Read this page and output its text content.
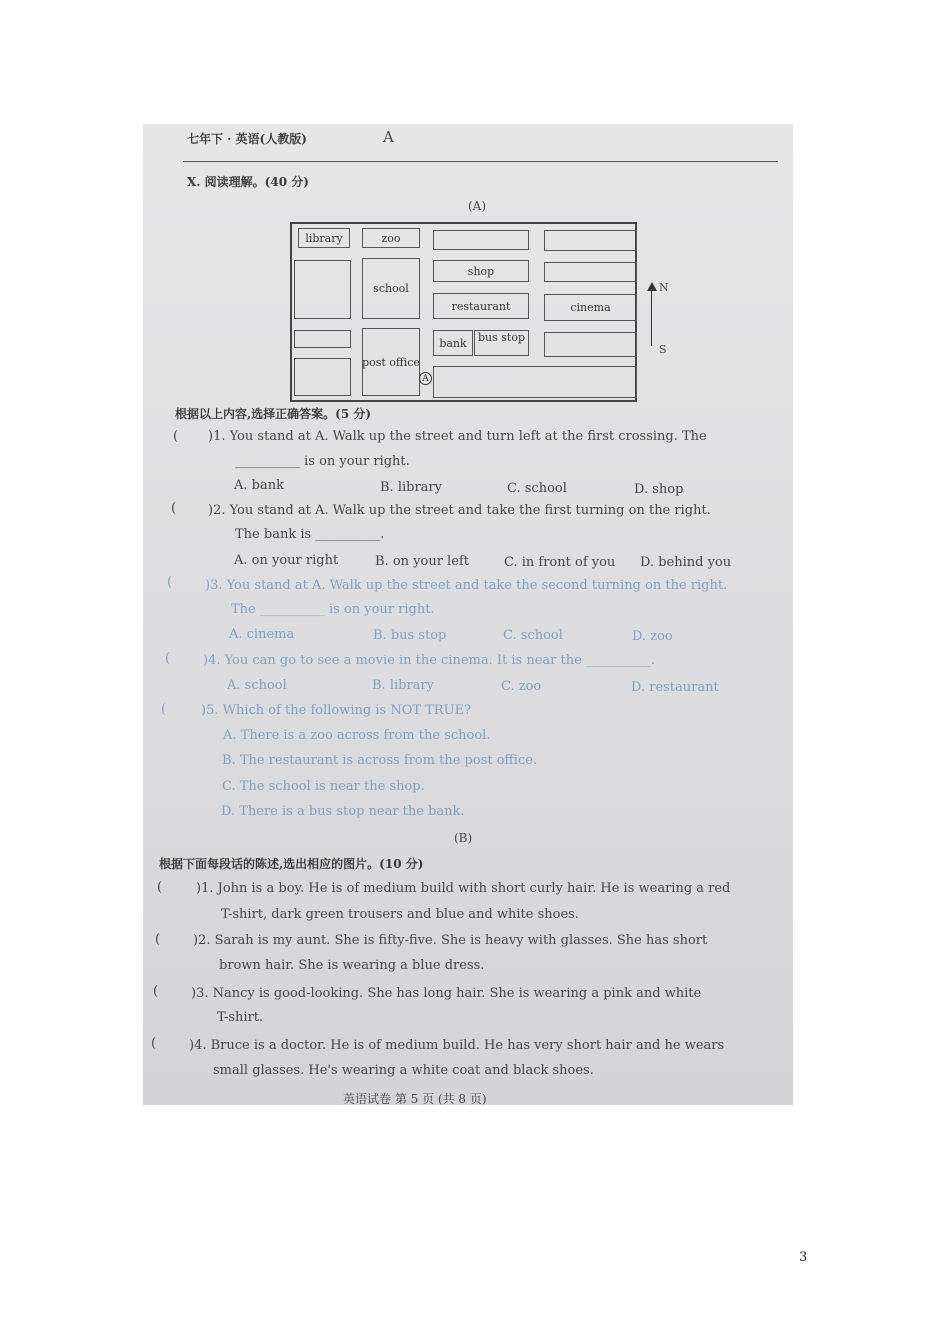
七年下 · 英语(人教版)	A
X. 阅读理解。(40 分)
(A)
library	zoo
school
shop
restaurant	cinema
post office
bank	bus stop
A
N
S
根据以上内容,选择正确答案。(5 分)
( )1. You stand at A. Walk up the street and turn left at the first crossing. The
__________ is on your right.
A. bank	B. library	C. school	D. shop
( )2. You stand at A. Walk up the street and take the first turning on the right.
The bank is __________.
A. on your right	B. on your left	C. in front of you D. behind you
(	)3. You stand at A. Walk up the street and take the second turning on the right.
The __________ is on your right.
A. cinema	B. bus stop	C. school	D. zoo
(	)4. You can go to see a movie in the cinema. It is near the __________.
A. school	B. library	C. zoo	D. restaurant
(	)5. Which of the following is NOT TRUE?
A. There is a zoo across from the school.
B. The restaurant is across from the post office.
C. The school is near the shop.
D. There is a bus stop near the bank.
(B)
根据下面每段话的陈述,选出相应的图片。(10 分)
(	)1. John is a boy. He is of medium build with short curly hair. He is wearing a red
T-shirt, dark green trousers and blue and white shoes.
(	)2. Sarah is my aunt. She is fifty-five. She is heavy with glasses. She has short
brown hair. She is wearing a blue dress.
(	)3. Nancy is good-looking. She has long hair. She is wearing a pink and white
T-shirt.
(	)4. Bruce is a doctor. He is of medium build. He has very short hair and he wears
small glasses. He's wearing a white coat and black shoes.
英语试卷 第 5 页 (共 8 页)
3
